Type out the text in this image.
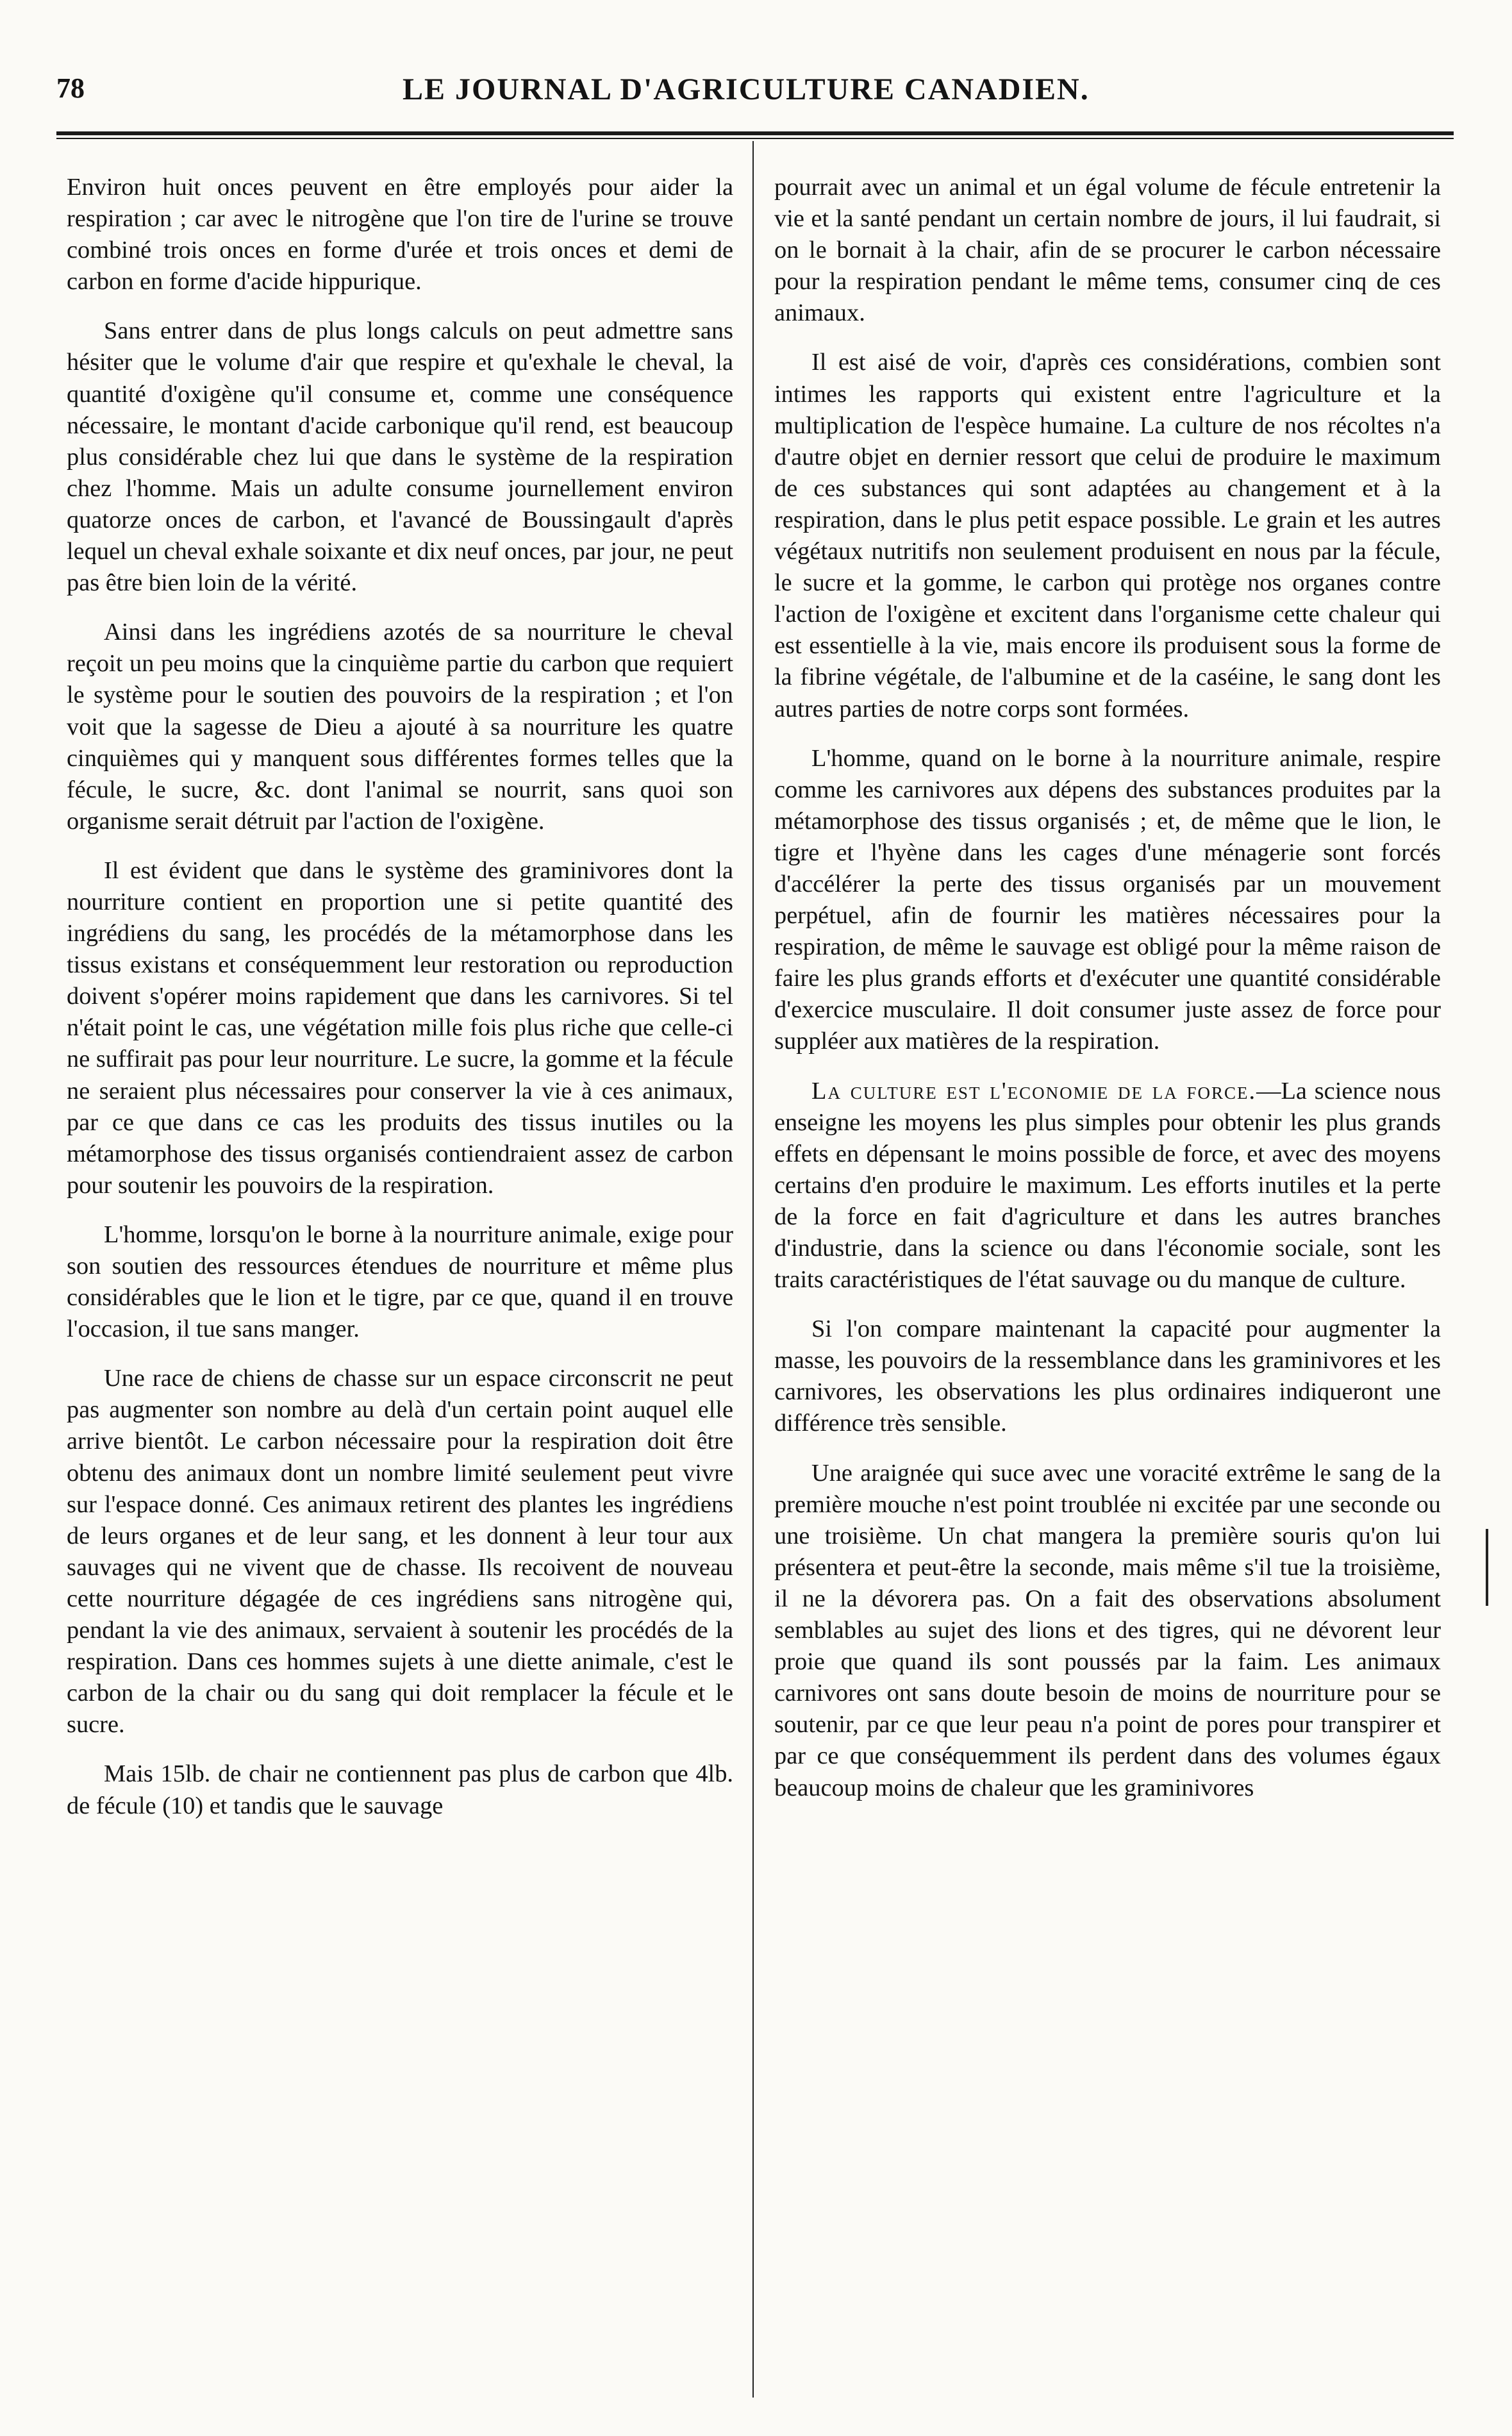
78	LE JOURNAL D'AGRICULTURE CANADIEN.

Environ huit onces peuvent en être employés pour aider la respiration ; car avec le nitrogène que l'on tire de l'urine se trouve combiné trois onces en forme d'urée et trois onces et demi de carbon en forme d'acide hippurique.

Sans entrer dans de plus longs calculs on peut admettre sans hésiter que le volume d'air que respire et qu'exhale le cheval, la quantité d'oxigène qu'il consume et, comme une conséquence nécessaire, le montant d'acide carbonique qu'il rend, est beaucoup plus considérable chez lui que dans le système de la respiration chez l'homme. Mais un adulte consume journellement environ quatorze onces de carbon, et l'avancé de Boussingault d'après lequel un cheval exhale soixante et dix neuf onces, par jour, ne peut pas être bien loin de la vérité.

Ainsi dans les ingrédiens azotés de sa nourriture le cheval reçoit un peu moins que la cinquième partie du carbon que requiert le système pour le soutien des pouvoirs de la respiration ; et l'on voit que la sagesse de Dieu a ajouté à sa nourriture les quatre cinquièmes qui y manquent sous différentes formes telles que la fécule, le sucre, &c. dont l'animal se nourrit, sans quoi son organisme serait détruit par l'action de l'oxigène.

Il est évident que dans le système des graminivores dont la nourriture contient en proportion une si petite quantité des ingrédiens du sang, les procédés de la métamorphose dans les tissus existans et conséquemment leur restoration ou reproduction doivent s'opérer moins rapidement que dans les carnivores. Si tel n'était point le cas, une végétation mille fois plus riche que celle-ci ne suffirait pas pour leur nourriture. Le sucre, la gomme et la fécule ne seraient plus nécessaires pour conserver la vie à ces animaux, par ce que dans ce cas les produits des tissus inutiles ou la métamorphose des tissus organisés contiendraient assez de carbon pour soutenir les pouvoirs de la respiration.

L'homme, lorsqu'on le borne à la nourriture animale, exige pour son soutien des ressources étendues de nourriture et même plus considérables que le lion et le tigre, par ce que, quand il en trouve l'occasion, il tue sans manger.

Une race de chiens de chasse sur un espace circonscrit ne peut pas augmenter son nombre au delà d'un certain point auquel elle arrive bientôt. Le carbon nécessaire pour la respiration doit être obtenu des animaux dont un nombre limité seulement peut vivre sur l'espace donné. Ces animaux retirent des plantes les ingrédiens de leurs organes et de leur sang, et les donnent à leur tour aux sauvages qui ne vivent que de chasse. Ils recoivent de nouveau cette nourriture dégagée de ces ingrédiens sans nitrogène qui, pendant la vie des animaux, servaient à soutenir les procédés de la respiration. Dans ces hommes sujets à une diette animale, c'est le carbon de la chair ou du sang qui doit remplacer la fécule et le sucre.

Mais 15lb. de chair ne contiennent pas plus de carbon que 4lb. de fécule (10) et tandis que le sauvage

pourrait avec un animal et un égal volume de fécule entretenir la vie et la santé pendant un certain nombre de jours, il lui faudrait, si on le bornait à la chair, afin de se procurer le carbon nécessaire pour la respiration pendant le même tems, consumer cinq de ces animaux.

Il est aisé de voir, d'après ces considérations, combien sont intimes les rapports qui existent entre l'agriculture et la multiplication de l'espèce humaine. La culture de nos récoltes n'a d'autre objet en dernier ressort que celui de produire le maximum de ces substances qui sont adaptées au changement et à la respiration, dans le plus petit espace possible. Le grain et les autres végétaux nutritifs non seulement produisent en nous par la fécule, le sucre et la gomme, le carbon qui protège nos organes contre l'action de l'oxigène et excitent dans l'organisme cette chaleur qui est essentielle à la vie, mais encore ils produisent sous la forme de la fibrine végétale, de l'albumine et de la caséine, le sang dont les autres parties de notre corps sont formées.

L'homme, quand on le borne à la nourriture animale, respire comme les carnivores aux dépens des substances produites par la métamorphose des tissus organisés ; et, de même que le lion, le tigre et l'hyène dans les cages d'une ménagerie sont forcés d'accélérer la perte des tissus organisés par un mouvement perpétuel, afin de fournir les matières nécessaires pour la respiration, de même le sauvage est obligé pour la même raison de faire les plus grands efforts et d'exécuter une quantité considérable d'exercice musculaire. Il doit consumer juste assez de force pour suppléer aux matières de la respiration.

La culture est l'economie de la force.—La science nous enseigne les moyens les plus simples pour obtenir les plus grands effets en dépensant le moins possible de force, et avec des moyens certains d'en produire le maximum. Les efforts inutiles et la perte de la force en fait d'agriculture et dans les autres branches d'industrie, dans la science ou dans l'économie sociale, sont les traits caractéristiques de l'état sauvage ou du manque de culture.

Si l'on compare maintenant la capacité pour augmenter la masse, les pouvoirs de la ressemblance dans les graminivores et les carnivores, les observations les plus ordinaires indiqueront une différence très sensible.

Une araignée qui suce avec une voracité extrême le sang de la première mouche n'est point troublée ni excitée par une seconde ou une troisième. Un chat mangera la première souris qu'on lui présentera et peut-être la seconde, mais même s'il tue la troisième, il ne la dévorera pas. On a fait des observations absolument semblables au sujet des lions et des tigres, qui ne dévorent leur proie que quand ils sont poussés par la faim. Les animaux carnivores ont sans doute besoin de moins de nourriture pour se soutenir, par ce que leur peau n'a point de pores pour transpirer et par ce que conséquemment ils perdent dans des volumes égaux beaucoup moins de chaleur que les graminivores
